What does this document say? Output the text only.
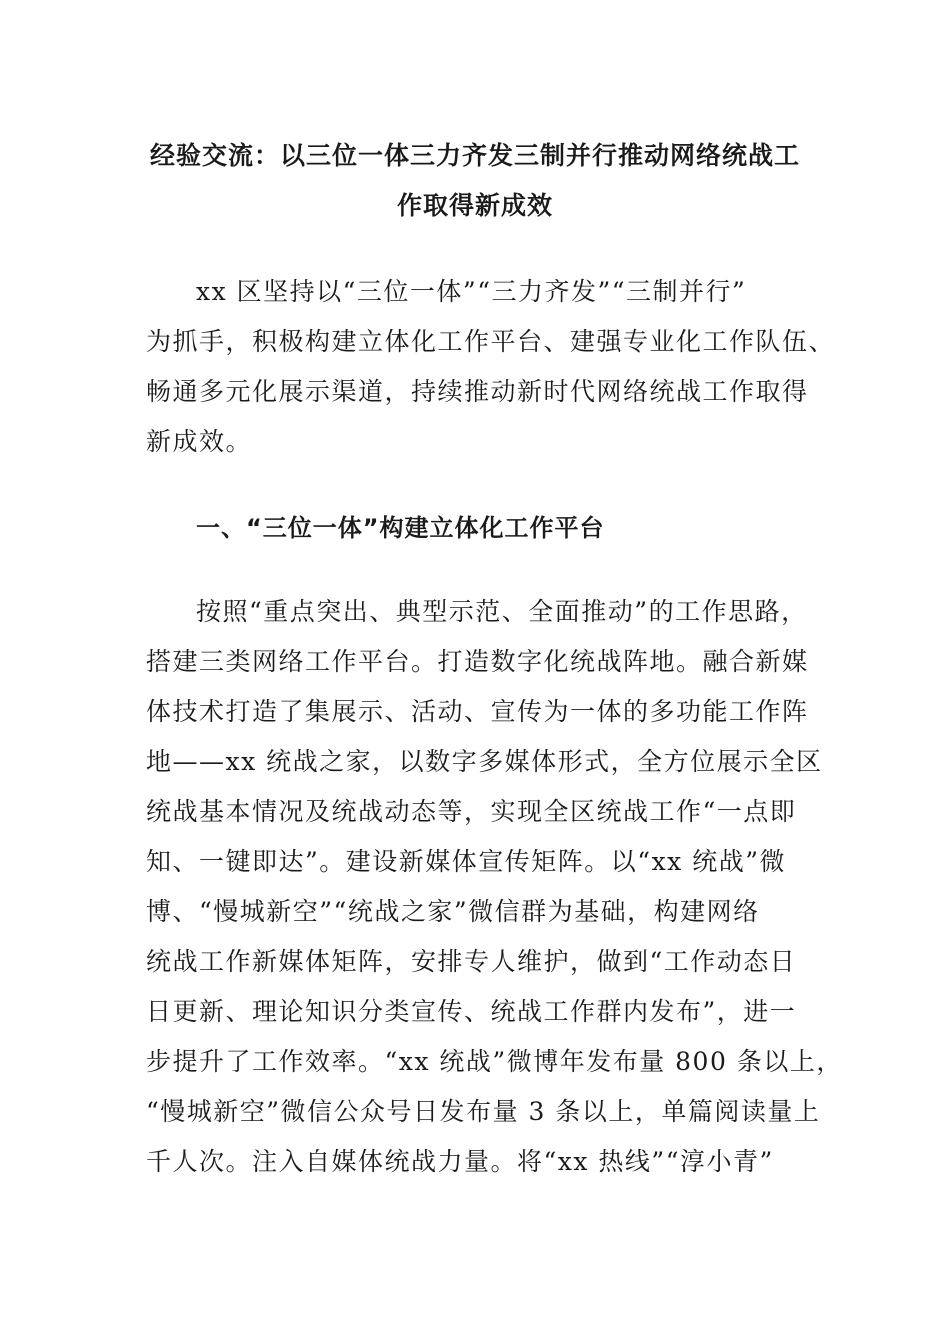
经验交流：以三位一体三力齐发三制并行推动网络统战工
作取得新成效
xx 区坚持以“三位一体”“三力齐发”“三制并行”
为抓手，积极构建立体化工作平台、建强专业化工作队伍、
畅通多元化展示渠道，持续推动新时代网络统战工作取得
新成效。
一、“三位一体”构建立体化工作平台
按照“重点突出、典型示范、全面推动”的工作思路，
搭建三类网络工作平台。打造数字化统战阵地。融合新媒
体技术打造了集展示、活动、宣传为一体的多功能工作阵
地——xx 统战之家，以数字多媒体形式，全方位展示全区
统战基本情况及统战动态等，实现全区统战工作“一点即
知、一键即达”。建设新媒体宣传矩阵。以“xx 统战”微
博、“慢城新空”“统战之家”微信群为基础，构建网络
统战工作新媒体矩阵，安排专人维护，做到“工作动态日
日更新、理论知识分类宣传、统战工作群内发布”，进一
步提升了工作效率。“xx 统战”微博年发布量 800 条以上，
“慢城新空”微信公众号日发布量 3 条以上，单篇阅读量上
千人次。注入自媒体统战力量。将“xx 热线”“淳小青”
